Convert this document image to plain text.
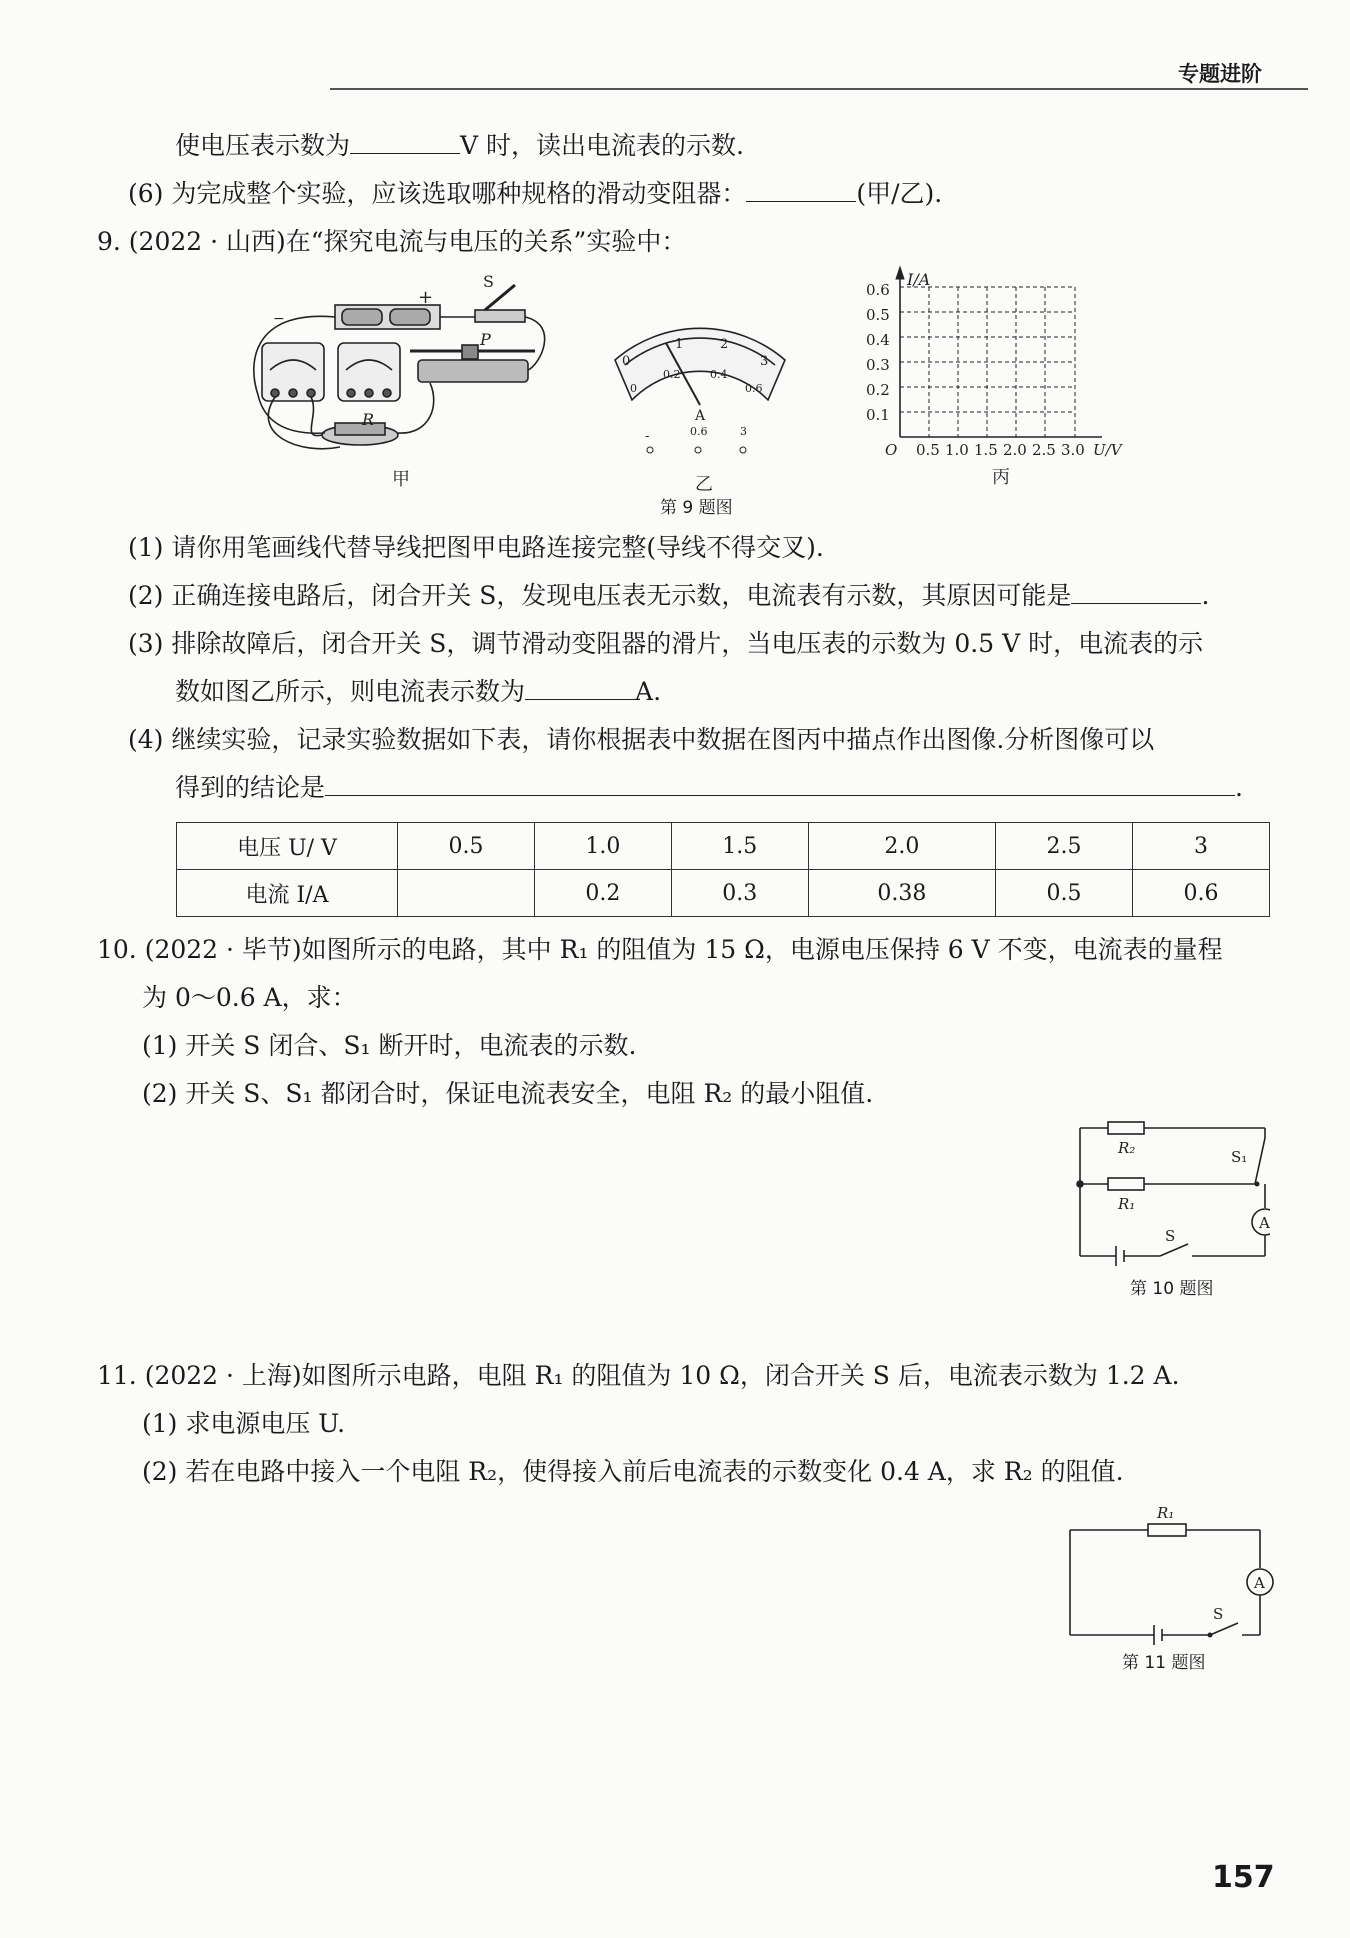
专题进阶
使电压表示数为	V 时，读出电流表的示数.
(6) 为完成整个实验，应该选取哪种规格的滑动变阻器：	(甲/乙).
9. (2022 · 山西)在“探究电流与电压的关系”实验中：
−
+
S
P
R
甲
0
1	2
3
0
0.2	0.4
0.6
A
-	0.6	3
乙
I/A
0.6
0.5
0.4
0.3
0.2
0.1
O 0.5 1.0 1.5 2.0 2.5 3.0 U/V
丙
第 9 题图
(1) 请你用笔画线代替导线把图甲电路连接完整(导线不得交叉).
(2) 正确连接电路后，闭合开关 S，发现电压表无示数，电流表有示数，其原因可能是	.
(3) 排除故障后，闭合开关 S，调节滑动变阻器的滑片，当电压表的示数为 0.5 V 时，电流表的示
数如图乙所示，则电流表示数为	A.
(4) 继续实验，记录实验数据如下表，请你根据表中数据在图丙中描点作出图像.分析图像可以
得到的结论是	.
电压 U/ V	0.5	1.0	1.5	2.0	2.5	3
电流 I/A		0.2	0.3	0.38	0.5	0.6
10. (2022 · 毕节)如图所示的电路，其中 R₁ 的阻值为 15 Ω，电源电压保持 6 V 不变，电流表的量程
为 0～0.6 A，求：
(1) 开关 S 闭合、S₁ 断开时，电流表的示数.
(2) 开关 S、S₁ 都闭合时，保证电流表安全，电阻 R₂ 的最小阻值.
R₂
R₁
S₁
S
A
第 10 题图
11. (2022 · 上海)如图所示电路，电阻 R₁ 的阻值为 10 Ω，闭合开关 S 后，电流表示数为 1.2 A.
(1) 求电源电压 U.
(2) 若在电路中接入一个电阻 R₂，使得接入前后电流表的示数变化 0.4 A，求 R₂ 的阻值.
R₁
S
A
第 11 题图
157
